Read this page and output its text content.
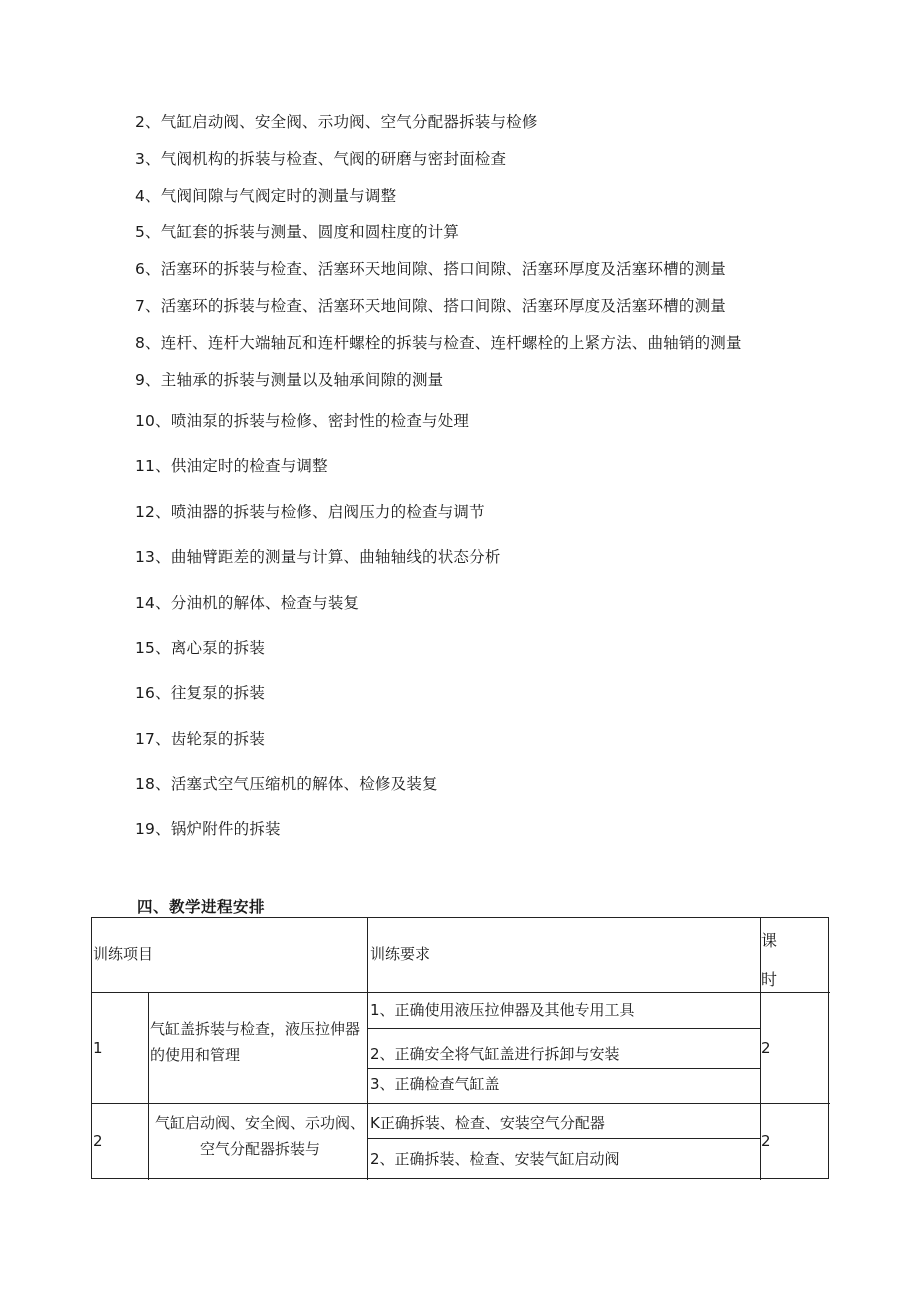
2、气缸启动阀、安全阀、示功阀、空气分配器拆装与检修
3、气阀机构的拆装与检查、气阀的研磨与密封面检查
4、气阀间隙与气阀定时的测量与调整
5、气缸套的拆装与测量、圆度和圆柱度的计算
6、活塞环的拆装与检查、活塞环天地间隙、搭口间隙、活塞环厚度及活塞环槽的测量
7、活塞环的拆装与检查、活塞环天地间隙、搭口间隙、活塞环厚度及活塞环槽的测量
8、连杆、连杆大端轴瓦和连杆螺栓的拆装与检查、连杆螺栓的上紧方法、曲轴销的测量
9、主轴承的拆装与测量以及轴承间隙的测量
10、喷油泵的拆装与检修、密封性的检查与处理
11、供油定时的检查与调整
12、喷油器的拆装与检修、启阀压力的检查与调节
13、曲轴臂距差的测量与计算、曲轴轴线的状态分析
14、分油机的解体、检查与装复
15、离心泵的拆装
16、往复泵的拆装
17、齿轮泵的拆装
18、活塞式空气压缩机的解体、检修及装复
19、锅炉附件的拆装
四、教学进程安排
训练项目	训练要求
课
时
1
气缸盖拆装与检查，液压拉伸器的使用和管理
1、正确使用液压拉伸器及其他专用工具
2、正确安全将气缸盖进行拆卸与安装
3、正确检查气缸盖
2
2
气缸启动阀、安全阀、示功阀、空气分配器拆装与
K正确拆装、检查、安装空气分配器
2、正确拆装、检查、安装气缸启动阀
2
